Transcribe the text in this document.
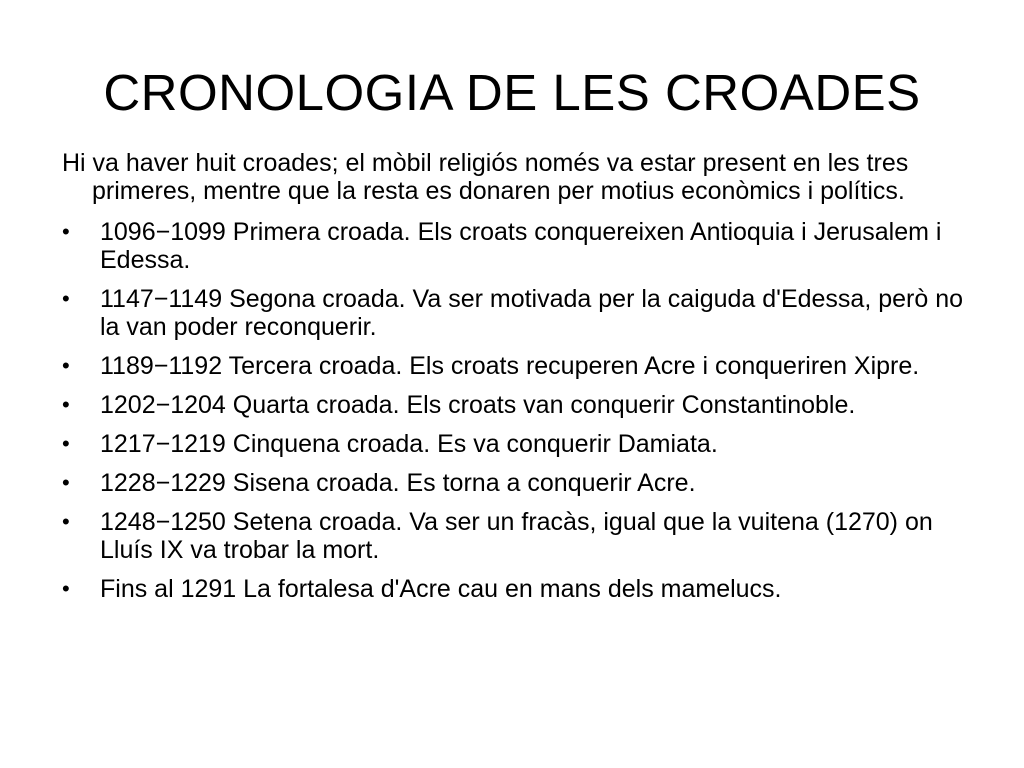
CRONOLOGIA DE LES CROADES

Hi va haver huit croades; el mòbil religiós només va estar present en les tres primeres, mentre que la resta es donaren per motius econòmics i polítics.

•	1096−1099 Primera croada. Els croats conquereixen Antioquia i Jerusalem i Edessa.
•	1147−1149 Segona croada. Va ser motivada per la caiguda d'Edessa, però no la van poder reconquerir.
•	1189−1192 Tercera croada. Els croats recuperen Acre i conqueriren Xipre.
•	1202−1204 Quarta croada. Els croats van conquerir Constantinoble.
•	1217−1219 Cinquena croada. Es va conquerir Damiata.
•	1228−1229 Sisena croada. Es torna a conquerir Acre.
•	1248−1250 Setena croada. Va ser un fracàs, igual que la vuitena (1270) on Lluís IX va trobar la mort.
•	Fins al 1291 La fortalesa d'Acre cau en mans dels mamelucs.
